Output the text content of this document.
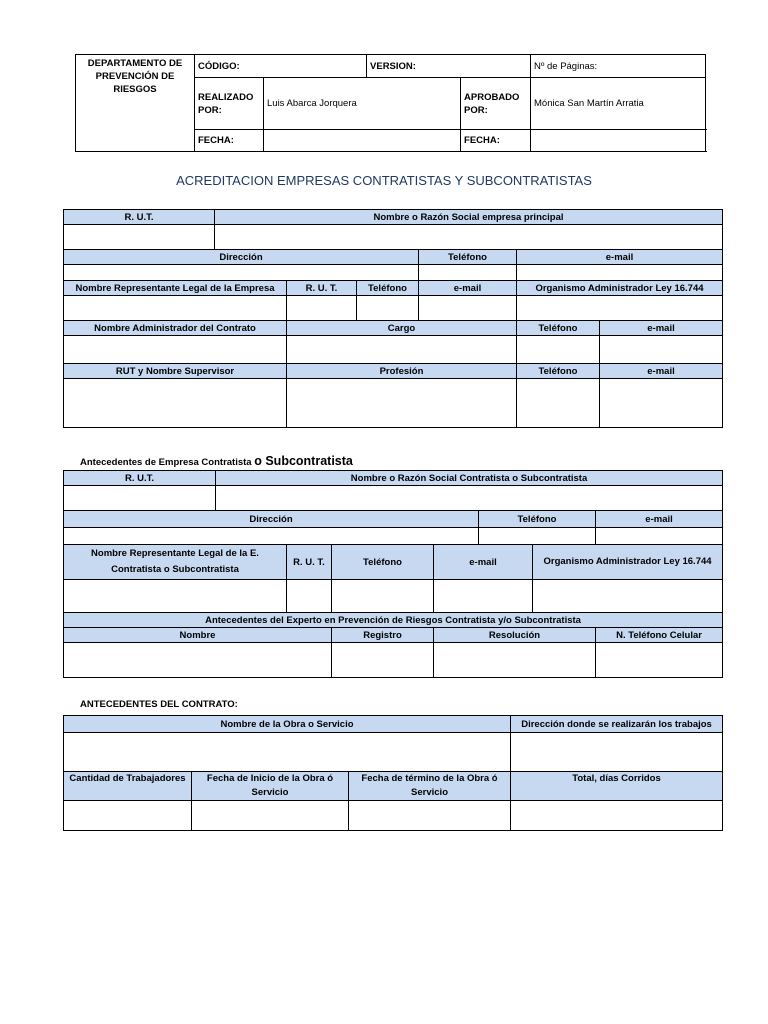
DEPARTAMENTO DE PREVENCIÓN DE RIESGOS	CÓDIGO:		VERSION:		Nº de Páginas:
	REALIZADO POR:	Luis Abarca Jorquera		APROBADO POR:	Mónica San Martín Arratia
	FECHA:			FECHA:	
ACREDITACION EMPRESAS CONTRATISTAS Y SUBCONTRATISTAS
R. U.T.	Nombre o Razón Social empresa principal					

Dirección				Teléfono	e-mail	

Nombre Representante Legal de la Empresa		R. U. T.	Teléfono	e-mail	Organismo Administrador Ley 16.744	

Nombre Administrador del Contrato		Cargo			Teléfono	e-mail

RUT y Nombre Supervisor		Profesión			Teléfono	e-mail

Antecedentes de Empresa Contratista o Subcontratista
R. U.T.	Nombre o Razón Social Contratista o Subcontratista						

Dirección					Teléfono		e-mail

Nombre Representante Legal de la E. Contratista o Subcontratista		R. U. T.	Teléfono	e-mail		Organismo Administrador Ley 16.744	

Antecedentes del Experto en Prevención de Riesgos Contratista y/o Subcontratista							
Nombre			Registro	Resolución			N. Teléfono Celular

ANTECEDENTES DEL CONTRATO:
Nombre de la Obra o Servicio			Dirección donde se realizarán los trabajos

Cantidad de Trabajadores	Fecha de Inicio de la Obra ó Servicio	Fecha de término de la Obra ó Servicio	Total, días Corridos
